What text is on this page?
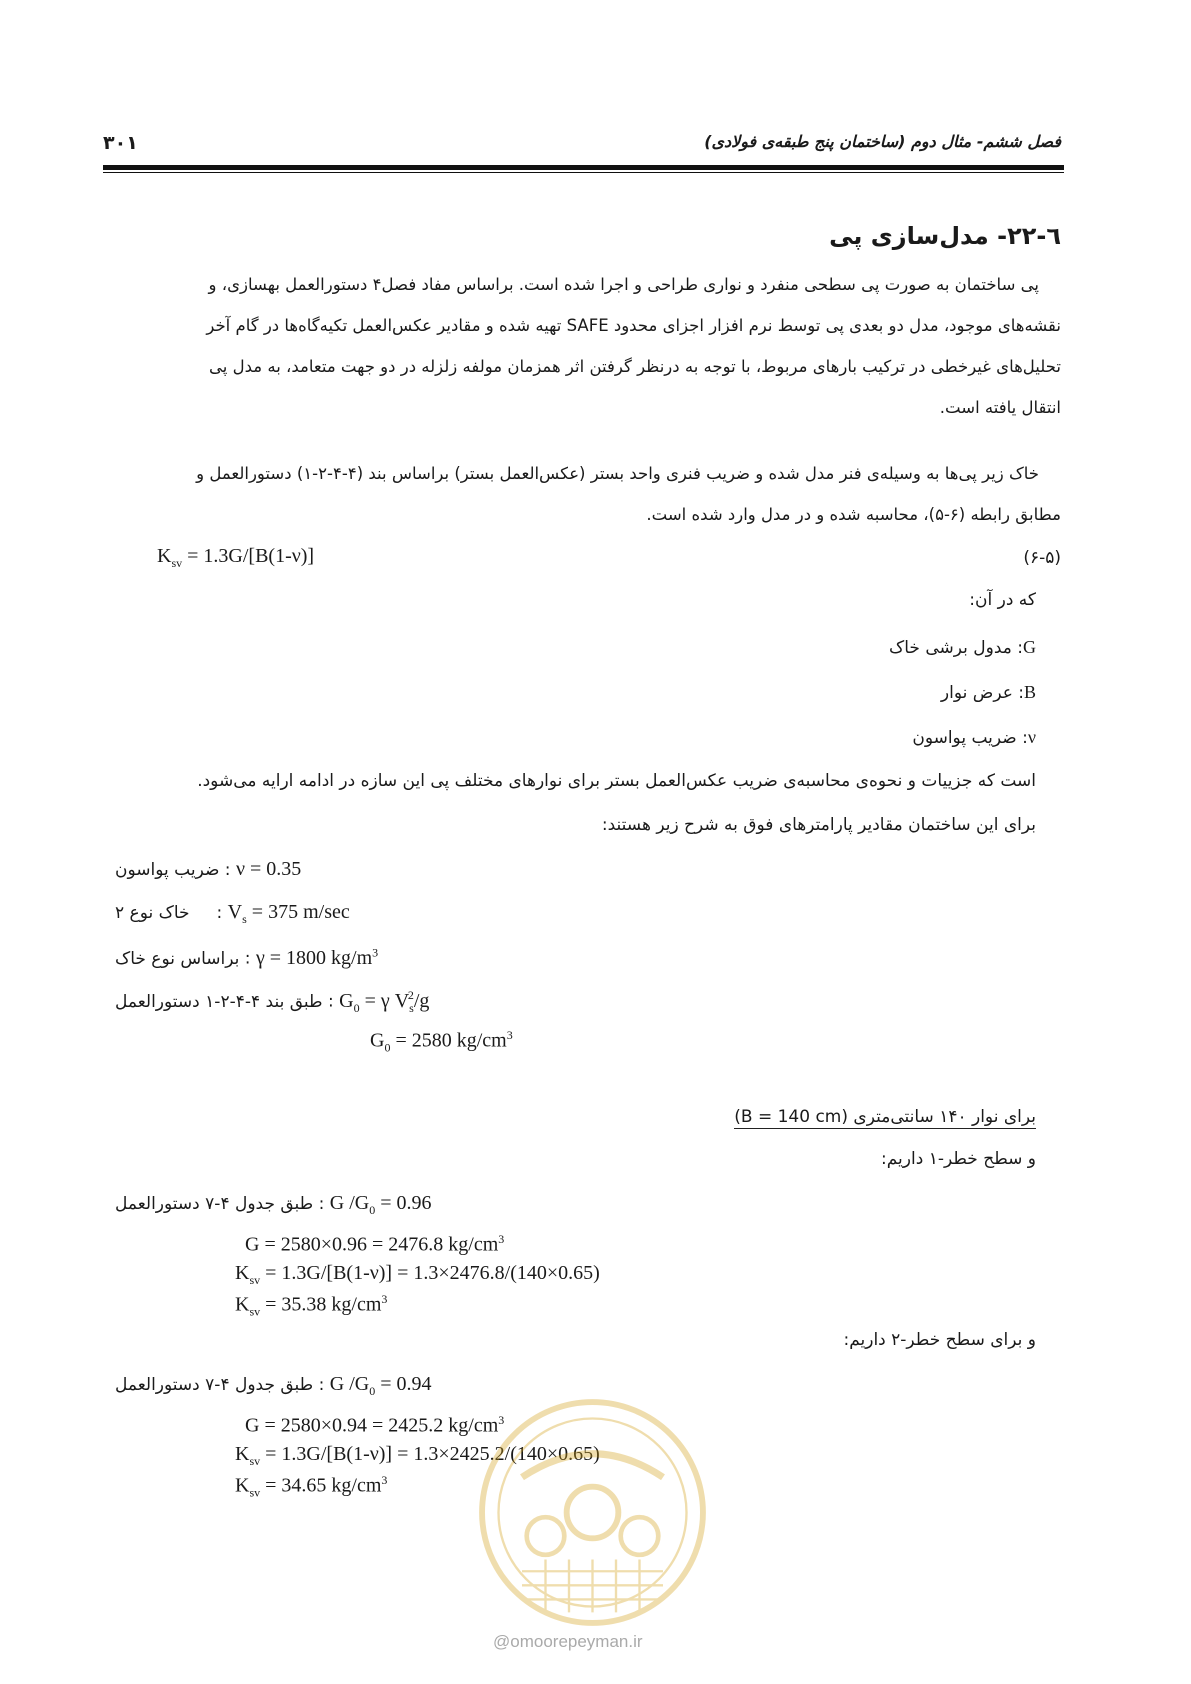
فصل ششم- مثال دوم (ساختمان پنج طبقه‌ی فولادی)
۳۰۱
٦-۲۲- مدل‌سازی پی
پی ساختمان به صورت پی سطحی منفرد و نواری طراحی و اجرا شده است. براساس مفاد فصل۴ دستورالعمل بهسازی، و
نقشه‌های موجود، مدل دو بعدی پی توسط نرم افزار اجزای محدود SAFE تهیه شده و مقادیر عکس‌العمل تکیه‌گاه‌ها در گام آخر
تحلیل‌های غیرخطی در ترکیب بارهای مربوط، با توجه به درنظر گرفتن اثر همزمان مولفه زلزله در دو جهت متعامد، به مدل پی
انتقال یافته است.
خاک زیر پی‌ها به وسیله‌ی فنر مدل شده و ضریب فنری واحد بستر (عکس‌العمل بستر) براساس بند (۴-۴-۲-۱) دستورالعمل و
مطابق رابطه (۶-۵)، محاسبه شده و در مدل وارد شده است.
(۶-۵)
$K_{sv} = 1.3G/[B(1-\nu)]$
که در آن:
G: مدول برشی خاک
B: عرض نوار
ν: ضریب پواسون
است که جزییات و نحوه‌ی محاسبه‌ی ضریب عکس‌العمل بستر برای نوارهای مختلف پی این سازه در ادامه ارایه می‌شود.
برای این ساختمان مقادیر پارامترهای فوق به شرح زیر هستند:
ضریب پواسون : ν = 0.35
خاک نوع ۲     : $V_s = 375$ m/sec
براساس نوع خاک : γ = 1800 $kg/m^3$
طبق بند ۴-۴-۲-۱ دستورالعمل : $G_0 = \gamma$ $V_s^2/g$
$G_0 = 2580$ $kg/cm^3$
برای نوار ۱۴۰ سانتی‌متری (B = 140 cm)
و سطح خطر-۱ داریم:
طبق جدول ۴-۷ دستورالعمل : G $/G_0 = 0.96$
G = 2580×0.96 = 2476.8 $kg/cm^3$
$K_{sv} = 1.3G/[B(1-\nu)] = 1.3\times 2476.8/(140\times 0.65)$
$K_{sv} = 35.38$ $kg/cm^3$
و برای سطح خطر-۲ داریم:
طبق جدول ۴-۷ دستورالعمل : G $/G_0 = 0.94$
G = 2580×0.94 = 2425.2 $kg/cm^3$
$K_{sv} = 1.3G/[B(1-\nu)] = 1.3\times 2425.2/(140\times 0.65)$
$K_{sv} = 34.65$ $kg/cm^3$
@omoorepeyman.ir
